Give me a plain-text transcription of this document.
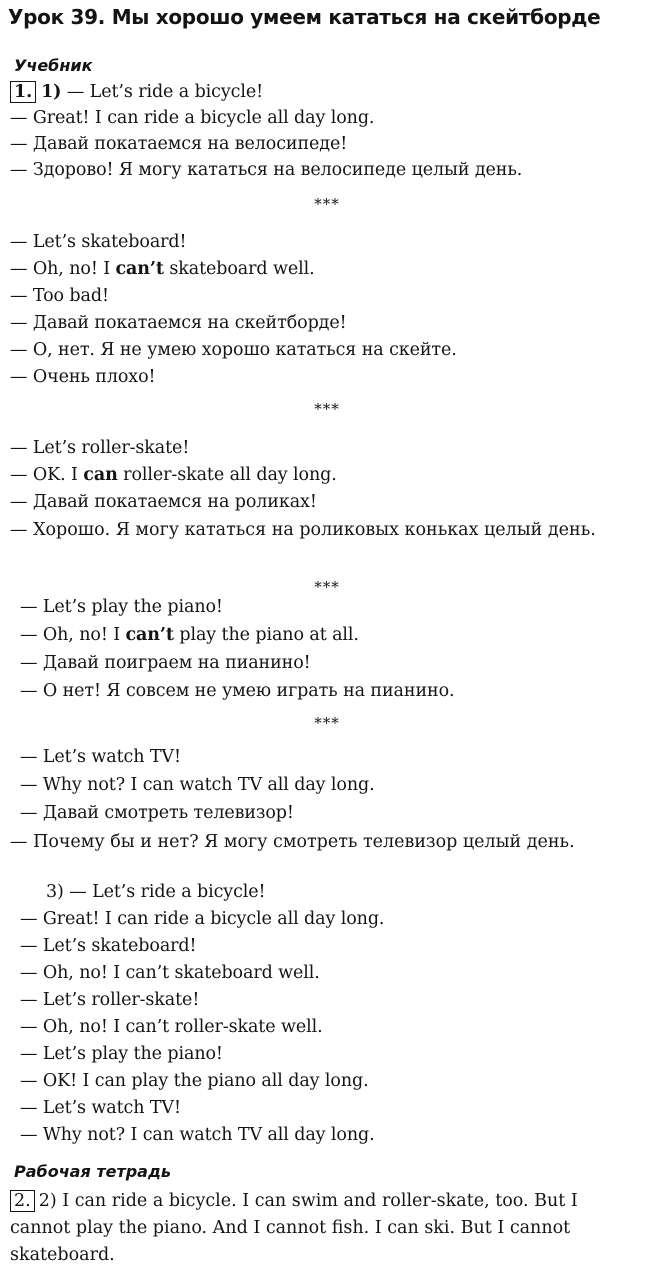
Урок 39. Мы хорошо умеем кататься на скейтборде
Учебник
1. 1) — Let’s ride a bicycle!
— Great! I can ride a bicycle all day long.
— Давай покатаемся на велосипеде!
— Здорово! Я могу кататься на велосипеде целый день.
***
— Let’s skateboard!
— Oh, no! I can’t skateboard well.
— Too bad!
— Давай покатаемся на скейтборде!
— О, нет. Я не умею хорошо кататься на скейте.
— Очень плохо!
***
— Let’s roller-skate!
— OK. I can roller-skate all day long.
— Давай покатаемся на роликах!
— Хорошо. Я могу кататься на роликовых коньках целый день.
***
— Let’s play the piano!
— Oh, no! I can’t play the piano at all.
— Давай поиграем на пианино!
— О нет! Я совсем не умею играть на пианино.
***
— Let’s watch TV!
— Why not? I can watch TV all day long.
— Давай смотреть телевизор!
— Почему бы и нет? Я могу смотреть телевизор целый день.
3) — Let’s ride a bicycle!
— Great! I can ride a bicycle all day long.
— Let’s skateboard!
— Oh, no! I can’t skateboard well.
— Let’s roller-skate!
— Oh, no! I can’t roller-skate well.
— Let’s play the piano!
— OK! I can play the piano all day long.
— Let’s watch TV!
— Why not? I can watch TV all day long.
Рабочая тетрадь
2. 2) I can ride a bicycle. I can swim and roller-skate, too. But I cannot play the piano. And I cannot fish. I can ski. But I cannot skateboard.
